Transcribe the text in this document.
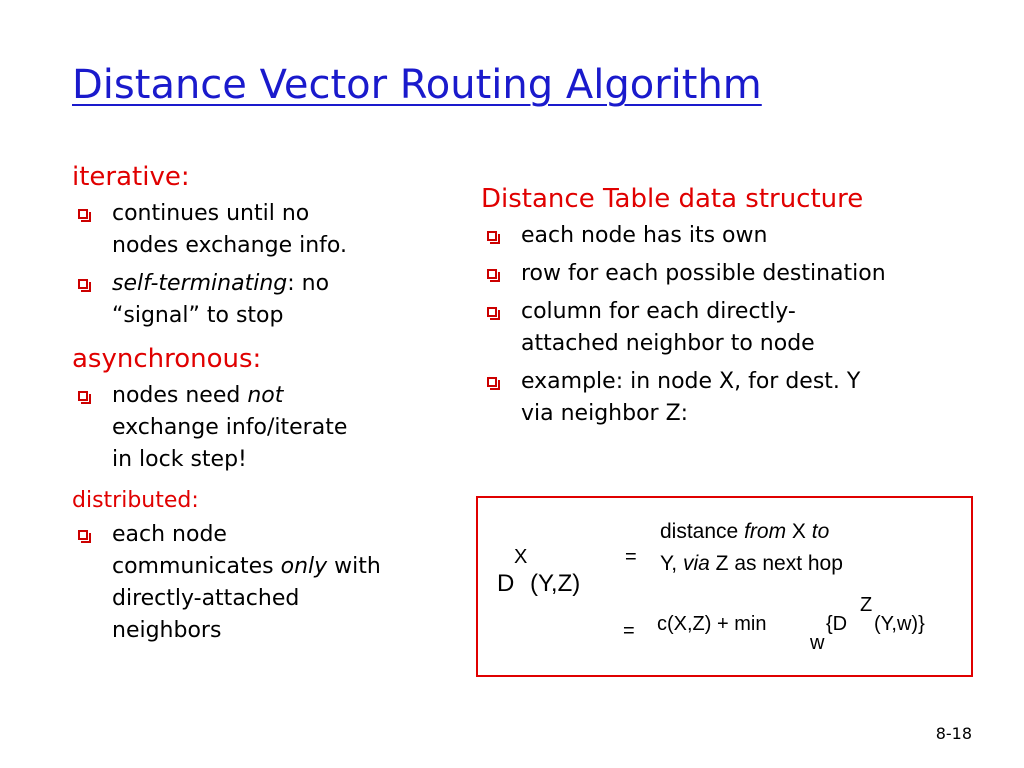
Distance Vector Routing Algorithm
iterative:
continues until no
nodes exchange info.
self-terminating: no
“signal” to stop
asynchronous:
nodes need not
exchange info/iterate
in lock step!
distributed:
each node
communicates only with
directly-attached
neighbors
Distance Table data structure
each node has its own
row for each possible destination
column for each directly-
attached neighbor to node
example: in node X, for dest. Y
via neighbor Z:
D
X
(Y,Z)
=
distance from X to
Y, via Z as next hop
= c(X,Z) + min
w
{D
Z
(Y,w)}
8-18
